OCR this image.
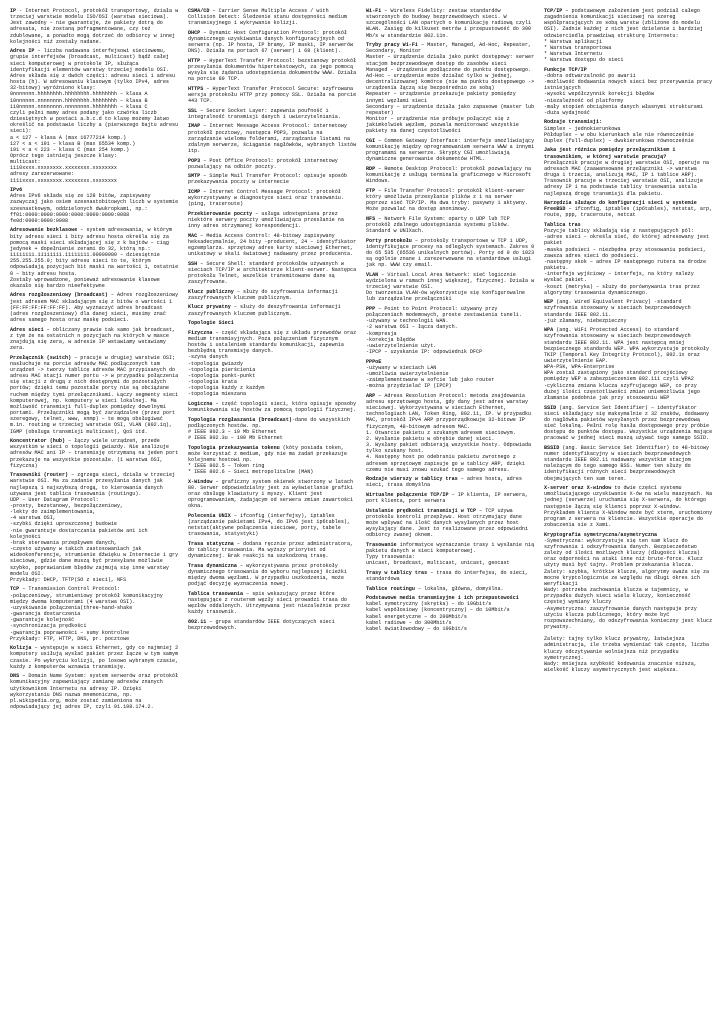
IP - Internet Protocol, protokół transportowy, działa w trzeciej warstwie modelu ISO/OSI (warstwa sieciowa). Jest zawodny – nie gwarantuje, że pakiety dotrą do adresata, nie zostaną pofragmentowane, czy też zdublowane, a ponadto mogą dotrzeć do odbiorcy w innej kolejności niż zostały nadane.

Adres IP – liczba nadawana interfejsowi sieciowemu, grupie interfejsów (broadcast, multicast) bądź całej sieci komputerowej w protokole IP, służąca identyfikacji elementów warstwy trzeciej modelu OSI.
Adres składa się z dwóch części: adresu sieci i adresu hosta (h). W adresowaniu klasowym (tylko IPv4, adres 32-bitowy) wyróżniono klasy:
0nnnnnnn.hhhhhhhh.hhhhhhhh.hhhhhhhh – klasa A
10nnnnnn.nnnnnnnn.hhhhhhhh.hhhhhhhh – klasa B
110nnnnn.nnnnnnnn.nnnnnnnn.hhhhhhhh – klasa C
czyli pełni mamy adres podany jako czwórka liczb dziesiętnych w postaci a.b.c.d to klasę możemy łatwo określić na podstawie liczby a (pierwszego bajtu adresu sieci):
a < 127 – klasa A (max 16777214 komp.)
127 < a < 191 – klasa B (max 65534 komp.)
191 < a < 223 – klasa C (max 254 komp.)
Oprócz tego istnieją jeszcze klasy:
multicast:
1110xxxx.xxxxxxxx.xxxxxxxx.xxxxxxxx
adresy zarezerwowane:
1111xxxx.xxxxxxxx.xxxxxxxx.xxxxxxxx

IPv6
Adres IPv6 składa się ze 128 bitów, zapisywany zazwyczaj jako osiem szesnastobitowych liczb w systemie szesnastkowym, oddzielonych dwukropkami, np.:
ff01:0000:0000:0000:0000:0000:0000:0088
fe0d:0000:0000:0088

Adresowanie bezklasowe – system adresowania, w którym bity adresu sieci i bity adresu hosta określa się za pomocą maski sieci składającej się z k bajtów – ciąg jedynek + dopełnienie zerami do 32, którą np.:
11111111.11111111.11111111.00000000 – dziesiętnie 255.255.255.0; bity adresu sieci to te, którym odpowiadają pozycjach bit maski na wartości 1, ostatnie 0 – bity adresu hosta.
Zostały wprowadzone, ponieważ adresowanie klasowe okazało się bardzo nieefektywne

Adres rozgłoszeniowy (broadcast) – Adres rozgłoszeniowy jest adresem MAC składającym się z bitów o wartości 1 (FF:FF:FF:FF:FF:FF). Aby wyznaczyć adres broadcast (adres rozgłoszeniowy) dla danej sieci, musimy znać adres samego hosta oraz maskę podsieci.

Adres sieci – obliczany prawie tak samo jak broadcast, z tym że na ostatnich n pozycjach na których w masce znajdują się zera, w adresie IP wstawiamy wstawiamy zera.

Przełącznik (switch) – pracuje w drugiej warstwie OSI; nasłuchuje na porcie adresów MAC podłączonych tam urządzeń -> tworzy tablicę adresów MAC przypisanych do adresu MAC stacji numer portu -> w przypadku połączenia się stacji z drugą z nich dostępnymi do pozostałych portów; dzięki temu pozostałe porty nie są obciążane ruchem między tymi przełącznikami. Łączy segmenty sieci komputerowej, np. komputery w sieci lokalnej. Ma możliwość transmisji full-duplex pomiędzy dowolnymi portami. Przełączniki mogą być zarządzalne (przez port szeregowy, telnet, www, snmp) – te mogą obsługiwać m.in. routing w trzeciej warstwie OSI, VLAN (802.1q), IGMP (obsługa transmisji multicast), QoS itd.

Koncentrator (hub) – łączy wiele urządzeń, przede wszystkim w sieci o topologii gwiazdy. Nie analizuje adresów MAC ani IP – transmisję otrzymaną na jeden port przekazuje na wszystkie pozostałe. (1 warstwa OSI, fizyczna)

Trasowniki (router) – zgrzega sieci, działa w trzeciej warstwie OSI. Ma za zadanie przesyłania danych jak najlepszą i najszybszą drogą, to kierowania danych używana jest tablica trasowania (routingu).
UDP – User Datagram Protocol:
-prosty, bezstanowy, bezpołączeniowy,
-lekty do zaimplementowania,
-4 warstwa OSI,
-szybki dzięki uproszczonej budowie
-nie gwarantuje dostarczania pakietów ani ich kolejności
-brak sterowania przepływem danych,
-często używany w takich zastosowaniach jak wideokonferencje, strumienie dźwięku w Internecie i gry sieciowe, gdzie dane muszą być przesyłane możliwie szybko, poprawianiem błędów zajmują się inne warstwy modelu OSI.
Przykłady: DHCP, TFTP(SO z sieci), NFS

TCP – Transmission Control Protocol:
-połączeniowy, strumieniowy protokół komunikacyjny między dwoma komputerami (4 warstwa OSI).
-uzyskiwanie połączenia(three-hand-shake
-gwarancja dostarczenia
-gwarantuje kolejność
-synchronizacja prędkości
-gwarancja poprawności – sumy kontrolne
Przykłady: FTP, HTTP, DNS, pr. pocztowe

Kolizja – występuje w sieci Ethernet, gdy co najmniej 2 komputery usiłują wysłać pakiet przez łącze w tym samym czasie. Po wykryciu kolizji, po losowo wybranym czasie, każdy z komputerów wznawia transmisję.

DNS – Domain Name System: system serwerów oraz protokół komunikacyjny zapewniający zamianę adresów znanych użytkownikom Internetu na adresy IP. Dzięki wykorzystaniu DNS nazwa mnemoniczna, np. pl.wikipedia.org, może zostać zamieniona na odpowiadający jej adres IP, czyli 91.198.174.2.

CSMA/CD – Carrier Sense Multiple Access / with Collision Detect: Śledzenie stanu dostępności medium transmisyjnego i wykrywanie kolizji.

DHCP – Dynamic Host Configuration Protocol: protokół dynamicznego uzyskiwania danych konfiguracyjnych od serwera (np. IP hosta, IP bramy, IP maski, IP serwerów DNS). Działa na portach 67 (serwer) i 68 (klient).

HTTP – HyperText Transfer Protocol: bezstanowy protokół przesyłania dokumentów hipertekstowych, za jego pomocą wysyła się żądania udostępnienia dokumentów WWW. Działa na porcie 80 TCP.

HTTPS – HyperText Transfer Protocol Secure: szyfrowana wersja protokołu HTTP przy pomocy SSL. Działa na porcie 443 TCP.

SSL – Secure Socket Layer: zapewnia poufność i integralność transmisji danych i uwierzytelniania.

IMAP – Internet Message Access Protocol: internetowy protokół pocztowy, następca POP3, pozwala na zarządzanie wieloma folderami, zarządzanie listami na zdalnym serwerze, ściąganie nagłówków, wybranych listów itp.

POP3 – Post Office Protocol: protokół internetowy pozwalający na odbiór poczty.

SMTP – Simple Mail Transfer Protocol: opisuje sposób przekazywania poczty w internecie

ICMP – Internet Control Message Protocol: protokół wykorzystywany w diagnostyce sieci oraz trasowaniu. (ping, traceroute)

Przekierowanie poczty – usługa udostępniana przez niektóre serwery poczty umożliwiająca przesłanie na inny adres otrzymanej korespondencji.

MAC – Media Access Control: 48-bitowy zapisywany heksadecymalnie, 24 bity -producent, 24 – identyfikator egzemplarza. sprzętowy adres karty sieciowej Ethernet, unikatowy w skali światowej nadawany przez producenta.

SSH – Secure Shell: standard protokołów używanych w sieciach TCP/IP w architekturze klient-serwer. Następca protokołu Telnet, wszelkie transmitowane dane są zaszyfrowane.

Klucz publiczny – służy do szyfrowania informacji zaszyfrowanych kluczem publicznym.

Klucz prywatny – służy do deszyfrowania informacji zaszyfrowanych kluczem publicznym.

Topologie Sieci

Fizyczna – część składająca się z układu przewodów oraz medium transmisyjnych. Poza połączeniem fizycznym hostów i ustaleniem standardu komunikacji, zapewnia bezbłędną transmisję danych.
-szyna danych
-topologia gwiazdy
-topologia pierścienia
-topologia punkt-punkt
-topologia krata
-topologia każdy z każdym
-topologia mieszana

Logiczna – część topologii sieci, która opisuje sposoby komunikowania się hostów za pomocą topologii fizycznej.

Topologia rozgłaszania (broadcast)-dane do wszystkich podłączonych hostów. np.
# IEEE 802.3 – 10 Mb Ethernet
# IEEE 802.3u – 100 Mb Ethernet

Topologia przekazywania tokenu (kóty posiada token, może korzystać z medium, gdy nie ma żadań przekazuje kolejnemu hostowi np.
* IEEE 802.5 – Token ring
* IEEE 802.6 – Sieci metropolitalne (MAN)

X-Window – graficzny system okienek stworzony w latach 80. Serwer odpowiedzialny jest za wyświetlanie grafiki oraz obsługę klawiatury i myszy. Klient jest oprogramowaniem, żadającym od serwera zmian zawartości okna.

Polecenia UNIX – ifconfig (interfejsy), iptables (zarządzanie pakietami IPv4, do IPv6 jest ip6tables), netstat(aktywne połączenia sieciowe, porty, tabele trasowania, statystyki)

Trasa statyczna – dodana ręcznie przez administratora, do tablicy trasowania. Ma wyższy priorytet od dynamicznej. Brak reakcji na uszkodzoną trasę.

Trasa dynamiczna – wykorzystywana przez protokoły dynamicznego trasowania do wyboru najlepszej ścieżki między dwoma węzłami. W przypadku uszkodzenia, może podjąć decyzję wyznaczenia nowej.

Tablica trasowania – spis wskazujący przez które następujące z routerem węzły sieci prowadzi trasa do węzłów oddalonych. Utrzymywana jest niezależnie przez każdy trasownik.

802.11 – grupa standardów IEEE dotyczących sieci bezprzewodowych.

Wi-Fi – Wireless Fidelity: zestaw standardów stworzonych do budowy bezprzewodowych sieci. W szczególności LAN opartych o komunikację radiową czyli WLAN. Zasięg do kilkuset metrów i przepustowość do 300 Mb/s w standardzie 802.11n.

Tryby pracy Wi-Fi – Master, Managed, Ad-Hoc, Repeater, Secondary, Monitor
Master – Urządzenie działa jako punkt dostępowy: serwer stacjom bezprzewodowym dostęp do zasobów sieci
Managed – Urządzenie podłączone do punktu dostępowego.
Ad-Hoc – urządzenie może działać tylko w jednej, decentralizowanej komórce (nie ma punktu dostępowego -> urządzenia łączą się bezpośrednio ze sobą)
Repeater – urządzenie przekazuje pakiety pomiędzy innymi węzłami sieci
Secondary – urządzenie działa jako zapasowe (master lub repeater)
Monitor – urządzenie nie próbuje połączyć się z jakimkolwiek węzłem, pozwala monitorować wszystkie pakiety na danej częstotliwości

CGI – Common Gateway Interface: interfejs umożliwiający komunikację między oprogramowaniem serwera WWW a innymi programami na serwerze. Skrypty CGI umożliwiają dynamiczne generowanie dokumentów HTML.

RDP – Remote Desktop Protocol: protokół pozwalający na komunikację z usługą terminala graficznego w Microsoft Windows.

FTP – File Transfer Protocol: protokół klient-serwer który umożliwia przesyłanie plików z i na serwer poprzez sieć TCP/IP. Ma dwa tryby: pasywny i aktywny. Może pozwalać na dostęp anonimowy.

NFS – Network File System: oparty o UDP lub TCP protokół zdalnego udostępniania systemu plików. Standard w UNIXach.

Porty protokołu – protokoły transportowe w TCP i UDP, identyfikujące procesy na odległych systemach. Zakres 0 do 65 535 (65536 unikalnych portów). Porty od 0 do 1023 są ogólnie znane i zarezerwowane na standardowe usługi jak np. WWW czy email.

VLAN – Virtual Local Area Network: sieć logicznie wydzielona w ramach innej większej, fizycznej. Działa w trzeciej warstwie OSI.
Do tworzenia VLAN-ów wykorzystuje się konfigurowalne lub zarządzalne przełączniki

PPP – Point to Point Protocol: używany przy połączeniach modemowych, proste zestawienia tuneli.
-używany w technologii WAN.
-2 warstwa OSI – łącza danych.
-kompresja
-korekcja błędów
-uwierzytelnienie użyt.
-IPCP – uzyskanie IP: odpowiednik DFCP

PPPoE
-używany w sieciach LAN
-umożliwia uwierzytelnienie
-zaimplementowane w sofcie lub jako router
-można przydzielać IP (IPCP)

ARP – Adress Resolution Protocol: metoda znajdowania adresu sprzętowego hosta, gdy dany jest adres warstwy sieciowej. Wykorzystywana w sieciach Ethernet, technologiach LAN, Token Ring, 802.11, IP. W przypadku MAC, protokół IPv4 ARP przyporządkowuje 32-bitowe IP fizycznym, 48-bitowym adresom MAC.
1. Otwarcie pakietu z szukanym adresem sieciowym.
2. Wysłanie pakietu w obrębie danej sieci.
3. Wysłany pakiet odbierają wszystkie hosty. Odpowiada tylko szukany host.
4. Następny host po odebraniu pakietu zwrotnego z adresem sprzętowym zapisuje go w tablicy ARP, dzięki czemu nie musi znowu szukać tego samego adresu.

Rodzaje wierszy w tablicy tras – adres hosta, adres sieci, trasa domyślna

Wirtualne połączenie TCP/IP – IP klienta, IP serwera, port klienta, port serwera

Ustalanie prędkości transmisji w TCP – TCP używa protokołu kontroli przepływu. Host otrzymujący dane może wpływać na ilość danych wysyłanych przez host wysyłający dane. Jest to realizowane przez odpowiedni odbiorcy zwanej oknem.

Trasowanie informatyce wyznaczanie trasy i wysłanie nią pakietu danych w sieci komputerowej.
Typy trasowania:
unicast, broadcast, multicast, unicast, geocast

Trasy w tablicy tras – trasa do interfejsu, do sieci, standardowa

Tablice routingu – lokalna, główna, domyślna.

Podstawowe media transmisyjne i ich przepustowości
kabel symetryczny (skrętka) – do 10Gbit/s
kabel współosiowy (koncentryczny) – do 10Mbit/s
kabel energetyczne – do 200Mbit/s
kabel radiowe – do 300Mbit/s
kabel światłowodowy – do 10Gbit/s

TCP/IP – podstawowym założeniem jest podział całego zagadnienia komunikacji sieciowej na szereg współpracujących ze sobą warstw (zbliżone do modelu OSI). Zadnie każdej z nich jest dzielenie i bardziej odzwierciedla prawdziwą strukturę Internetu:
* Warstwa aplikacji
* Warstwa transportowa
* Warstwa Internetu
* Warstwa dostępu do sieci

Funkcje TCP/IP
-dobra odtwarzalność po awarii
-możliwość dodawania nowych sieci bez przerywania pracy istniejących
-wysoki współczynnik korekcji błędów
-niezależność od platformy
-mały stopień obciążenia danych własnymi strukturami
-duża wydajność

Rodzaje transmisji:
Simplex – jednokierunkowa
Półduplex – w obu kierunkach ale nie równocześnie
Duplex (full-duplex) – dwukierunkowa równocześnie

Jaka jest różnica pomiędzy przełącznikiem i trasownikiem, w której warstwie pracują?
Przełącznik pracuje w drugiej warstwie OSI, operuje na adresach MAC (zaawansowane przełączniki -> warstwa druga i trzecia, analizują MAC, IP i tablice ARP). Trasownik pracuje w trzeciej warstwie OSI, analizuje adresy IP i na podstawie tablicy trasowania ustala najlepszą drogę transmisji dla pakietu.

Narzędzia służące do konfiguracji sieci w systemie FreeBSD – ifconfig, iptables (ip6tables), netstat, arp, route, ppp, traceroute, netcat

Tablica tras
Pozycje tablicy składają się z następujących pól:
-adres sieci – określa sieć, do której adresowany jest pakiet
-maska podsieci – niezbędna przy stosowaniu podsieci, zawsza adres sieci do podsieci.
-następny skok – adres IP następnego rutera na drodze pakietu.
-interfejs wyjściowy – interfejs, na który należy wysłać pakiet.
-koszt (metryka) – służy do porównywania tras przez algorytmy trasowania dynamicznego.

WEP (ang. Wired Equivalent Privacy) -standard szyfrowania stosowany w sieciach bezprzewodowych standardu IEEE 802.11.
-już złamany, niebezpieczny

WPA (ang. WiFi Protected Access) to standard szyfrowania stosowany w sieciach bezprzewodowych standardu IEEE 802.11. WPA jest następcą mniej bezpiecznego standardu WEP. WPA wykorzystuje protokoły TKIP (Temporal Key Integrity Protocol), 802.1x oraz uwierzytelnienie EAP.
WPA-PSK, WPA-Enterprise
WPA został zastąpiony jako standard przejściowy pomiędzy WEP a zabezpieczeniem 802.11i czyli WPA2
-cykliczna zmiana klucza szyfrującego WEP, co przy dużej ilości częstotliwości zmian uniemożliwia jego złamanie podobnie jak przy stosowaniu WEP

SSID (ang. Service Set Identifier) – identyfikator sieci składający się maksymalnie z 32 znaków, dodawany do nagłówka pakietów wysyłanych przez bezprzewodową sieć lokalną. Pełni rolę hasła dostępowego przy próbie dostępu do punktów dostępu. Wszystkie urządzenia mające pracować w jednej sieci muszą używać tego samego SSID.

BSSID (ang. Basic Service Set Identifier) to 48-bitowy numer identyfikacyjny w sieciach bezprzewodowych standardu IEEE 802.11 nadawany wszystkim stacjom należącym do tego samego BSS. Numer ten służy do identyfikacji różnych sieci bezprzewodowych obejmujących ten sam teren.

X-server oraz X-window to dwie części systemu umożliwiającego uzyskiwanie X-ów na wielu maszynach. Na jednej (serwerze) uruchamia się X-serwera, do którego następnie łączą się klienci poprzez X-window. Przykładem klienta X-Window może być xterm, uruchomiony program z serwera na kliencie. Wszystkie operacje do zobaczenia sie z Xami.

Kryptografia symetryczna/asymetryczna
-Symetryczna: wykorzystuje się ten sam klucz do szyfrowania i odszyfrowania danych. Bezpieczeństwo zależy od ilości możliwych kluczy (długości klucza) oraz odporności na ataki inne niż brute-force. Klucz użyty musi być tajny. Problem przekazania klucza.
Zalety: szybka, krótkie klucze, algorytmy uważa się za mocne kryptologicznie ze względu na długi okres ich weryfikacji
Wady: potrzeba zachowania klucza w tajemnicy, w przypadku dużych sieci wielu kluczy, konieczność częstej wymiany kluczy
-Asymetryczna: zaszyfrowanie danych następuje przy użyciu klucza publicznego, który może być rozpowszechniany, do odszyfrowania konieczny jest klucz prywatny.

Zalety: tajny tylko klucz prywatny, łatwiejsza administracja, ile trzeba wymieniać tak często, liczba kluczy odczytywanie wolniejsza niż przypadku symetrycznej.
Wady: mniejsza szybkość kodowania znacznie niższa, wielkość kluczy asymetrycznych jest większa.
